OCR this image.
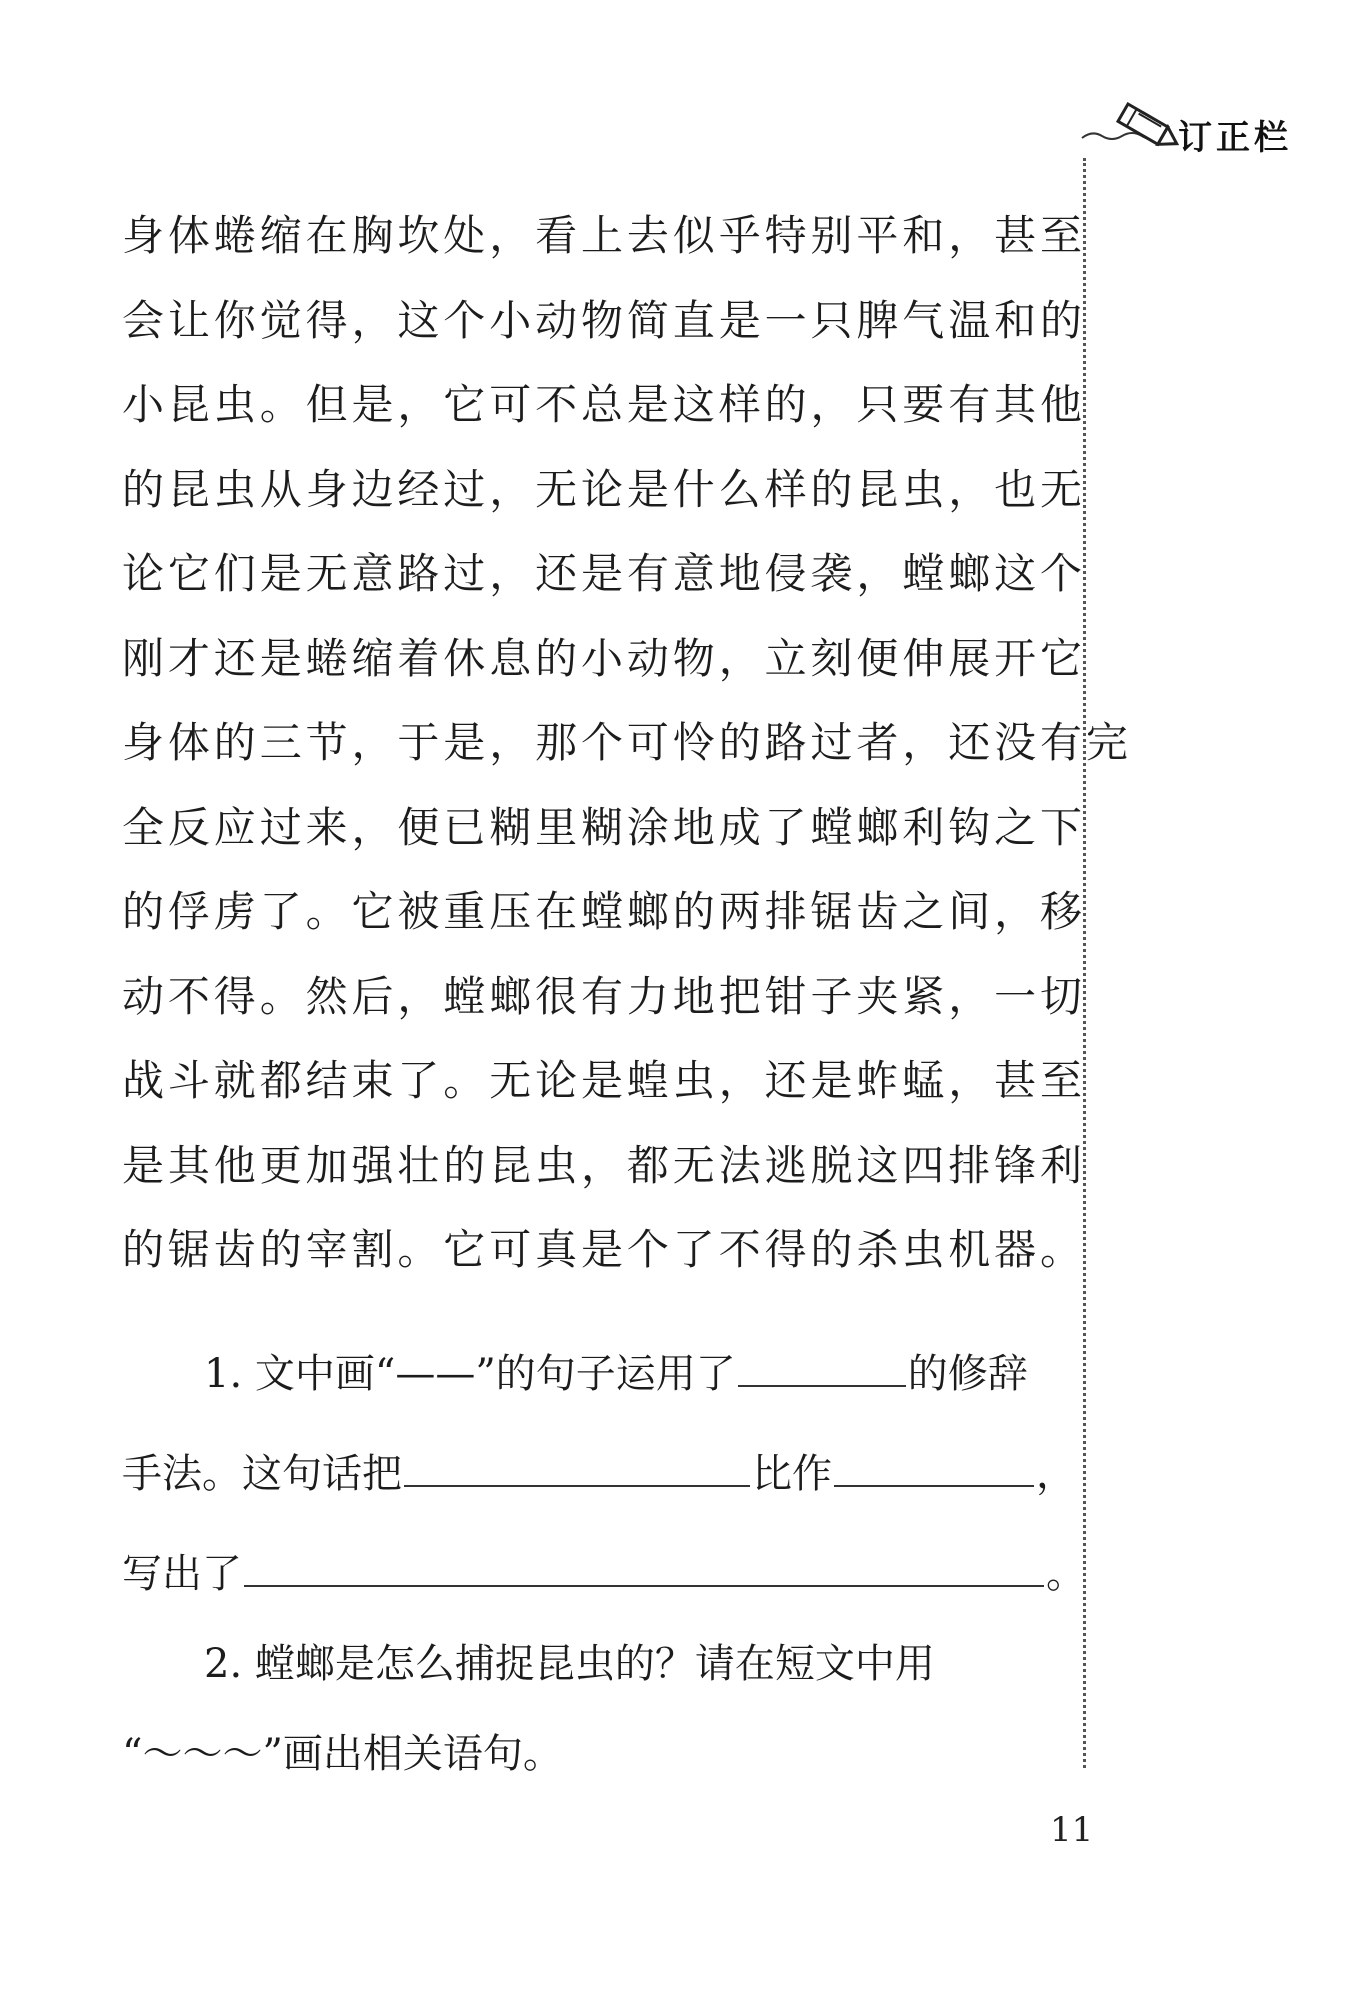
订正栏
身体蜷缩在胸坎处，看上去似乎特别平和，甚至
会让你觉得，这个小动物简直是一只脾气温和的
小昆虫。但是，它可不总是这样的，只要有其他
的昆虫从身边经过，无论是什么样的昆虫，也无
论它们是无意路过，还是有意地侵袭，螳螂这个
刚才还是蜷缩着休息的小动物，立刻便伸展开它
身体的三节，于是，那个可怜的路过者，还没有完
全反应过来，便已糊里糊涂地成了螳螂利钩之下
的俘虏了。它被重压在螳螂的两排锯齿之间，移
动不得。然后，螳螂很有力地把钳子夹紧，一切
战斗就都结束了。无论是蝗虫，还是蚱蜢，甚至
是其他更加强壮的昆虫，都无法逃脱这四排锋利
的锯齿的宰割。它可真是个了不得的杀虫机器。
1. 文中画“——”的句子运用了	的修辞
手法。这句话把	比作	，
写出了	。
2. 螳螂是怎么捕捉昆虫的？请在短文中用
“～～～”画出相关语句。
11
